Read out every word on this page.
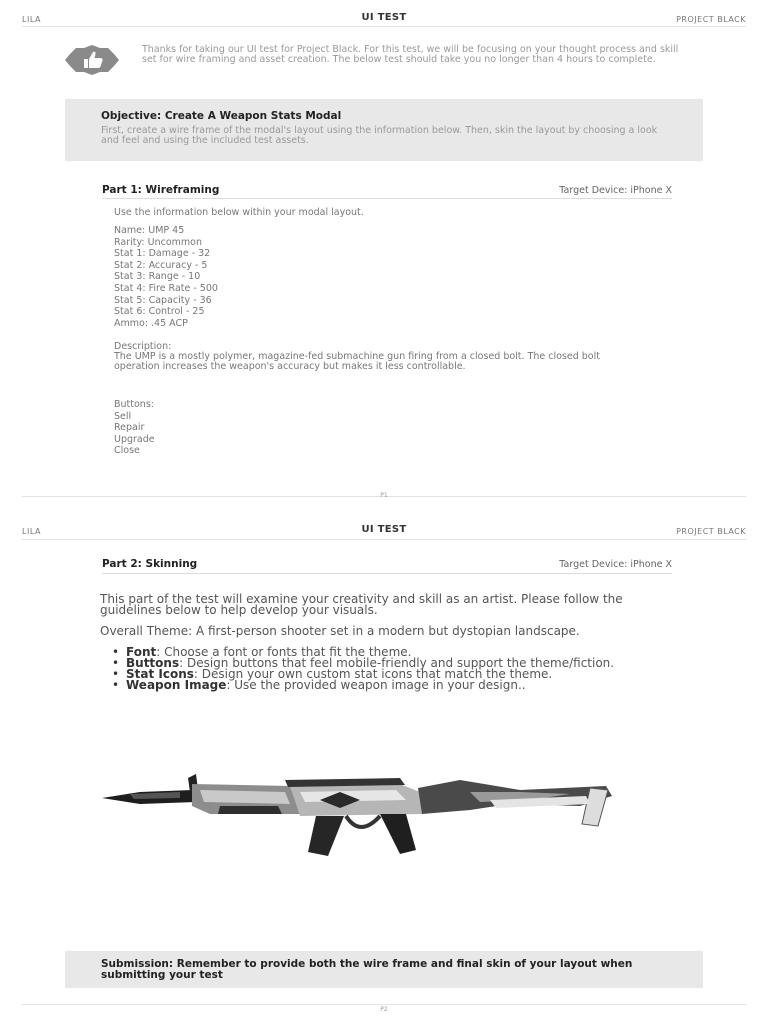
LILA	UI TEST	PROJECT BLACK
Thanks for taking our UI test for Project Black. For this test, we will be focusing on your thought process and skill set for wire framing and asset creation. The below test should take you no longer than 4 hours to complete.
Objective: Create A Weapon Stats Modal
First, create a wire frame of the modal's layout using the information below. Then, skin the layout by choosing a look and feel and using the included test assets.
Part 1: Wireframing	Target Device: iPhone X
Use the information below within your modal layout.
Name: UMP 45
Rarity: Uncommon
Stat 1: Damage - 32
Stat 2: Accuracy - 5
Stat 3: Range - 10
Stat 4: Fire Rate - 500
Stat 5: Capacity - 36
Stat 6: Control - 25
Ammo: .45 ACP
Description:
The UMP is a mostly polymer, magazine-fed submachine gun firing from a closed bolt. The closed bolt operation increases the weapon's accuracy but makes it less controllable.
Buttons:
Sell
Repair
Upgrade
Close
P1
LILA	UI TEST	PROJECT BLACK
Part 2: Skinning	Target Device: iPhone X

This part of the test will examine your creativity and skill as an artist. Please follow the guidelines below to help develop your visuals.

Overall Theme: A first-person shooter set in a modern but dystopian landscape.

• Font: Choose a font or fonts that fit the theme.
• Buttons: Design buttons that feel mobile-friendly and support the theme/fiction.
• Stat Icons: Design your own custom stat icons that match the theme.
• Weapon Image: Use the provided weapon image in your design..
Submission: Remember to provide both the wire frame and final skin of your layout when submitting your test
P2
